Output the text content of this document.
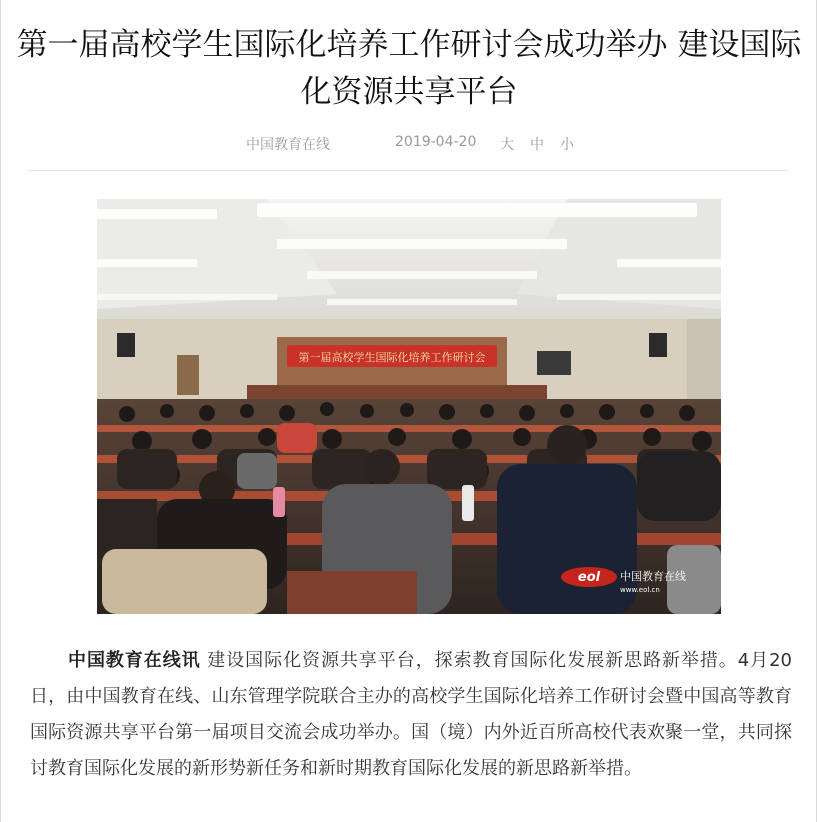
第一届高校学生国际化培养工作研讨会成功举办 建设国际化资源共享平台
中国教育在线	2019-04-20 大 中 小
第一届高校学生国际化培养工作研讨会
eol 中国教育在线
www.eol.cn

中国教育在线讯 建设国际化资源共享平台，探索教育国际化发展新思路新举措。4月20日，由中国教育在线、山东管理学院联合主办的高校学生国际化培养工作研讨会暨中国高等教育国际资源共享平台第一届项目交流会成功举办。国（境）内外近百所高校代表欢聚一堂，共同探讨教育国际化发展的新形势新任务和新时期教育国际化发展的新思路新举措。
